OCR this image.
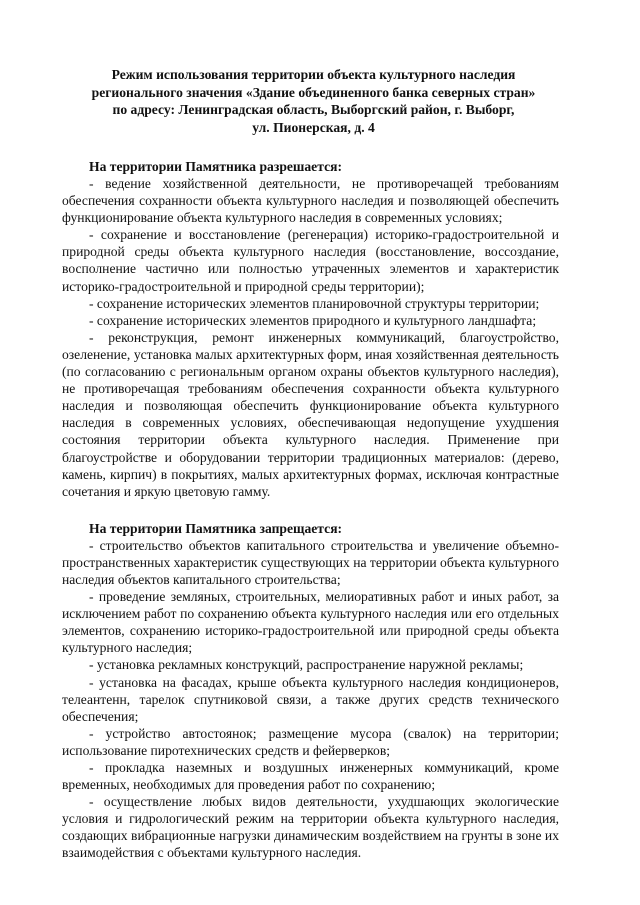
Режим использования территории объекта культурного наследия
регионального значения «Здание объединенного банка северных стран»
по адресу: Ленинградская область, Выборгский район, г. Выборг,
ул. Пионерская, д. 4
На территории Памятника разрешается:

- ведение хозяйственной деятельности, не противоречащей требованиям обеспечения сохранности объекта культурного наследия и позволяющей обеспечить функционирование объекта культурного наследия в современных условиях;

- сохранение и восстановление (регенерация) историко-градостроительной и природной среды объекта культурного наследия (восстановление, воссоздание, восполнение частично или полностью утраченных элементов и характеристик историко-градостроительной и природной среды территории);

- сохранение исторических элементов планировочной структуры территории;

- сохранение исторических элементов природного и культурного ландшафта;

- реконструкция, ремонт инженерных коммуникаций, благоустройство, озеленение, установка малых архитектурных форм, иная хозяйственная деятельность (по согласованию с региональным органом охраны объектов культурного наследия), не противоречащая требованиям обеспечения сохранности объекта культурного наследия и позволяющая обеспечить функционирование объекта культурного наследия в современных условиях, обеспечивающая недопущение ухудшения состояния территории объекта культурного наследия. Применение при благоустройстве и оборудовании территории традиционных материалов: (дерево, камень, кирпич) в покрытиях, малых архитектурных формах, исключая контрастные сочетания и яркую цветовую гамму.

На территории Памятника запрещается:

- строительство объектов капитального строительства и увеличение объемно-пространственных характеристик существующих на территории объекта культурного наследия объектов капитального строительства;

- проведение земляных, строительных, мелиоративных работ и иных работ, за исключением работ по сохранению объекта культурного наследия или его отдельных элементов, сохранению историко-градостроительной или природной среды объекта культурного наследия;

- установка рекламных конструкций, распространение наружной рекламы;

- установка на фасадах, крыше объекта культурного наследия кондиционеров, телеантенн, тарелок спутниковой связи, а также других средств технического обеспечения;

- устройство автостоянок; размещение мусора (свалок) на территории; использование пиротехнических средств и фейерверков;

- прокладка наземных и воздушных инженерных коммуникаций, кроме временных, необходимых для проведения работ по сохранению;

- осуществление любых видов деятельности, ухудшающих экологические условия и гидрологический режим на территории объекта культурного наследия, создающих вибрационные нагрузки динамическим воздействием на грунты в зоне их взаимодействия с объектами культурного наследия.
